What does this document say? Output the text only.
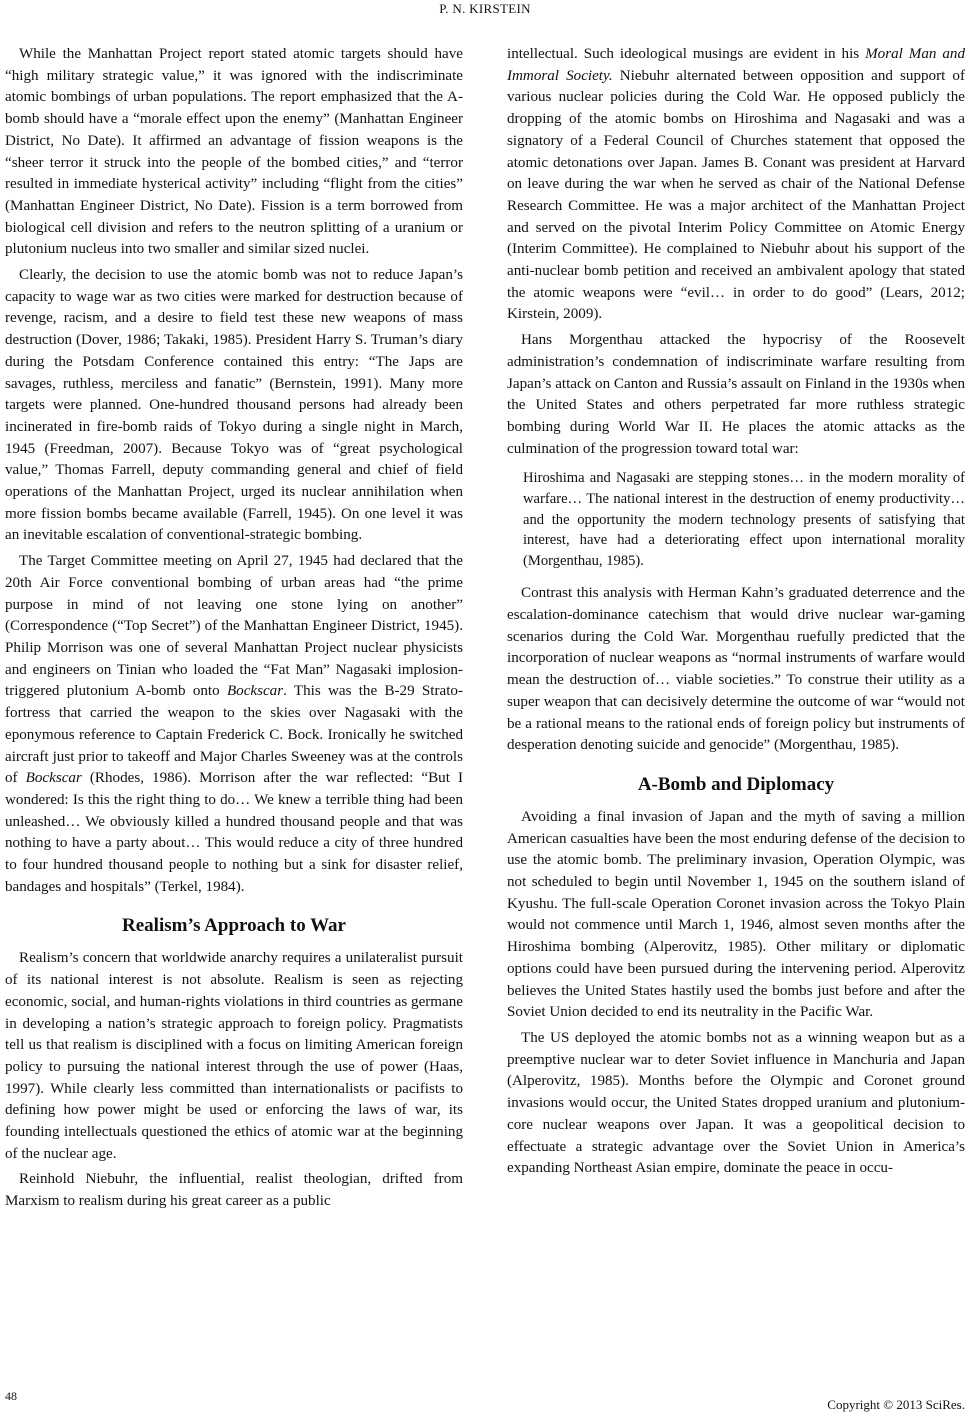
P. N. KIRSTEIN

While the Manhattan Project report stated atomic targets should have “high military strategic value,” it was ignored with the indiscriminate atomic bombings of urban populations. The report emphasized that the A-bomb should have a “morale effect upon the enemy” (Manhattan Engineer District, No Date). It affirmed an advantage of fission weapons is the “sheer terror it struck into the people of the bombed cities,” and “terror resulted in immediate hysterical activity” including “flight from the cities” (Manhattan Engineer District, No Date). Fission is a term borrowed from biological cell division and refers to the neutron splitting of a uranium or plutonium nucleus into two smaller and similar sized nuclei.

Clearly, the decision to use the atomic bomb was not to reduce Japan’s capacity to wage war as two cities were marked for destruction because of revenge, racism, and a desire to field test these new weapons of mass destruction (Dover, 1986; Takaki, 1985). President Harry S. Truman’s diary during the Potsdam Conference contained this entry: “The Japs are savages, ruthless, merciless and fanatic” (Bernstein, 1991). Many more targets were planned. One-hundred thousand persons had already been incinerated in fire-bomb raids of Tokyo during a single night in March, 1945 (Freedman, 2007). Because Tokyo was of “great psychological value,” Thomas Farrell, deputy commanding general and chief of field operations of the Manhattan Project, urged its nuclear annihilation when more fission bombs became available (Farrell, 1945). On one level it was an inevitable escalation of conventional-strategic bombing.

The Target Committee meeting on April 27, 1945 had declared that the 20th Air Force conventional bombing of urban areas had “the prime purpose in mind of not leaving one stone lying on another” (Correspondence (“Top Secret”) of the Manhattan Engineer District, 1945). Philip Morrison was one of several Manhattan Project nuclear physicists and engineers on Tinian who loaded the “Fat Man” Nagasaki implosion-triggered plutonium A-bomb onto Bockscar. This was the B-29 Strato-fortress that carried the weapon to the skies over Nagasaki with the eponymous reference to Captain Frederick C. Bock. Ironically he switched aircraft just prior to takeoff and Major Charles Sweeney was at the controls of Bockscar (Rhodes, 1986). Morrison after the war reflected: “But I wondered: Is this the right thing to do… We knew a terrible thing had been unleashed… We obviously killed a hundred thousand people and that was nothing to have a party about… This would reduce a city of three hundred to four hundred thousand people to nothing but a sink for disaster relief, bandages and hospitals” (Terkel, 1984).

Realism’s Approach to War

Realism’s concern that worldwide anarchy requires a unilateralist pursuit of its national interest is not absolute. Realism is seen as rejecting economic, social, and human-rights violations in third countries as germane in developing a nation’s strategic approach to foreign policy. Pragmatists tell us that realism is disciplined with a focus on limiting American foreign policy to pursuing the national interest through the use of power (Haas, 1997). While clearly less committed than internationalists or pacifists to defining how power might be used or enforcing the laws of war, its founding intellectuals questioned the ethics of atomic war at the beginning of the nuclear age.

Reinhold Niebuhr, the influential, realist theologian, drifted from Marxism to realism during his great career as a public

intellectual. Such ideological musings are evident in his Moral Man and Immoral Society. Niebuhr alternated between opposition and support of various nuclear policies during the Cold War. He opposed publicly the dropping of the atomic bombs on Hiroshima and Nagasaki and was a signatory of a Federal Council of Churches statement that opposed the atomic detonations over Japan. James B. Conant was president at Harvard on leave during the war when he served as chair of the National Defense Research Committee. He was a major architect of the Manhattan Project and served on the pivotal Interim Policy Committee on Atomic Energy (Interim Committee). He complained to Niebuhr about his support of the anti-nuclear bomb petition and received an ambivalent apology that stated the atomic weapons were “evil… in order to do good” (Lears, 2012; Kirstein, 2009).

Hans Morgenthau attacked the hypocrisy of the Roosevelt administration’s condemnation of indiscriminate warfare resulting from Japan’s attack on Canton and Russia’s assault on Finland in the 1930s when the United States and others perpetrated far more ruthless strategic bombing during World War II. He places the atomic attacks as the culmination of the progression toward total war:

Hiroshima and Nagasaki are stepping stones… in the modern morality of warfare… The national interest in the destruction of enemy productivity… and the opportunity the modern technology presents of satisfying that interest, have had a deteriorating effect upon international morality (Morgenthau, 1985).

Contrast this analysis with Herman Kahn’s graduated deterrence and the escalation-dominance catechism that would drive nuclear war-gaming scenarios during the Cold War. Morgenthau ruefully predicted that the incorporation of nuclear weapons as “normal instruments of warfare would mean the destruction of… viable societies.” To construe their utility as a super weapon that can decisively determine the outcome of war “would not be a rational means to the rational ends of foreign policy but instruments of desperation denoting suicide and genocide” (Morgenthau, 1985).

A-Bomb and Diplomacy

Avoiding a final invasion of Japan and the myth of saving a million American casualties have been the most enduring defense of the decision to use the atomic bomb. The preliminary invasion, Operation Olympic, was not scheduled to begin until November 1, 1945 on the southern island of Kyushu. The full-scale Operation Coronet invasion across the Tokyo Plain would not commence until March 1, 1946, almost seven months after the Hiroshima bombing (Alperovitz, 1985). Other military or diplomatic options could have been pursued during the intervening period. Alperovitz believes the United States hastily used the bombs just before and after the Soviet Union decided to end its neutrality in the Pacific War.

The US deployed the atomic bombs not as a winning weapon but as a preemptive nuclear war to deter Soviet influence in Manchuria and Japan (Alperovitz, 1985). Months before the Olympic and Coronet ground invasions would occur, the United States dropped uranium and plutonium-core nuclear weapons over Japan. It was a geopolitical decision to effectuate a strategic advantage over the Soviet Union in America’s expanding Northeast Asian empire, dominate the peace in occu-

48
Copyright © 2013 SciRes.
